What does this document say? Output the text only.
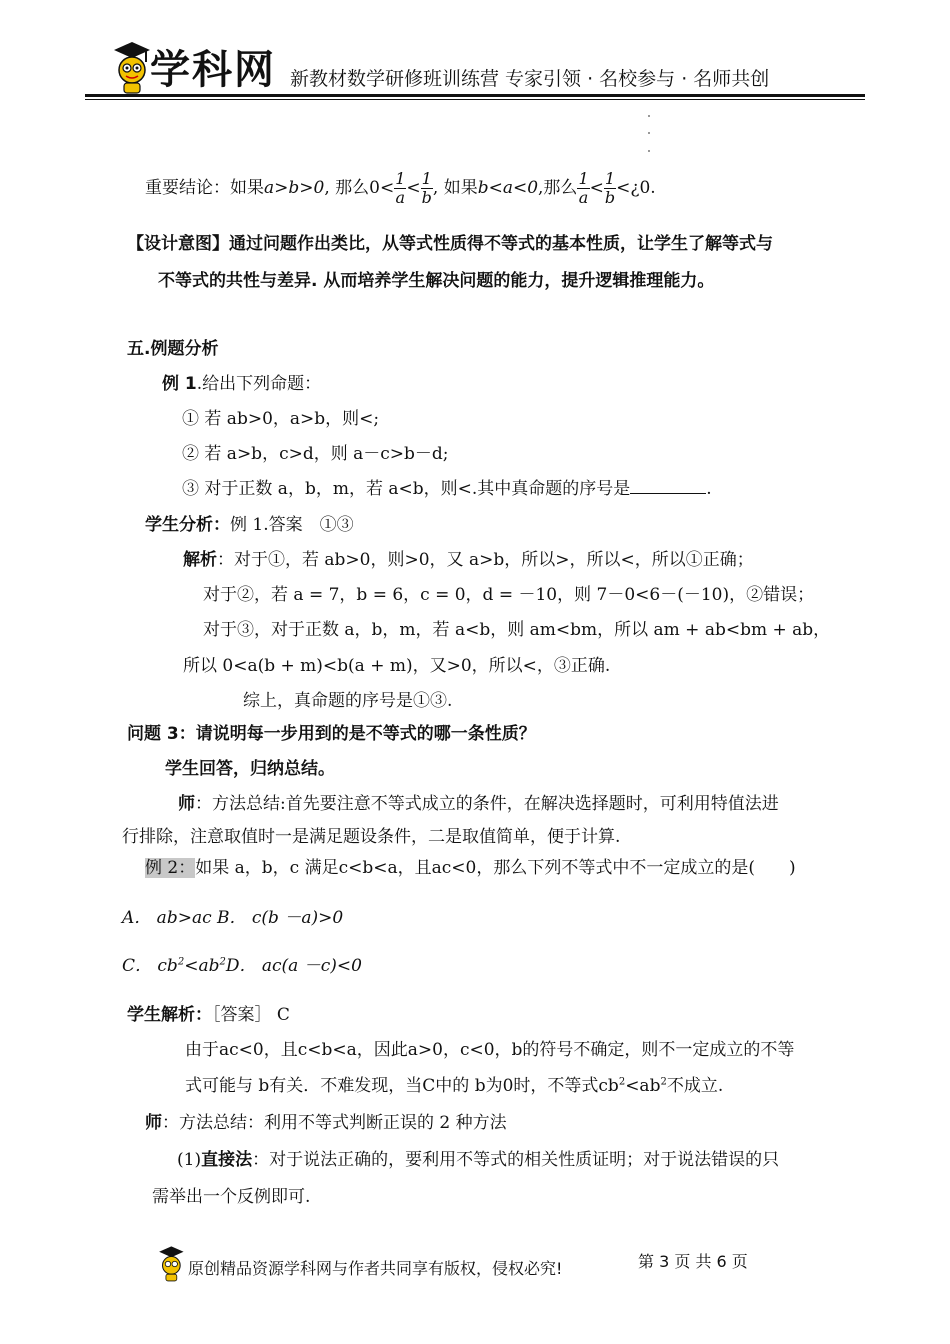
学科网 新教材数学研修班训练营 专家引领 · 名校参与 · 名师共创
重要结论：如果a>b>0, 那么$0< \frac{1}{a} < \frac{1}{b}$ , 如果b<a<0,那么 $\frac{1}{a} < \frac{1}{b}$ <¿0.
【设计意图】通过问题作出类比，从等式性质得不等式的基本性质，让学生了解等式与
不等式的共性与差异. 从而培养学生解决问题的能力，提升逻辑推理能力。
五.例题分析
例 1.给出下列命题：
① 若 ab>0，a>b，则<;
② 若 a>b，c>d，则 a－c>b－d;
③ 对于正数 a，b，m，若 a<b，则<.其中真命题的序号是	.
学生分析：例 1.答案　①③
解析：对于①，若 ab>0，则>0，又 a>b，所以>，所以<，所以①正确；
对于②，若 a = 7，b = 6，c = 0，d = －10，则 7－0<6－(－10)，②错误；
对于③，对于正数 a，b，m，若 a<b，则 am<bm，所以 am + ab<bm + ab，
所以 0<a(b + m)<b(a + m)，又>0，所以<，③正确.
综上，真命题的序号是①③.
问题 3：请说明每一步用到的是不等式的哪一条性质？
学生回答，归纳总结。
师：方法总结:首先要注意不等式成立的条件，在解决选择题时，可利用特值法进
行排除，注意取值时一是满足题设条件，二是取值简单，便于计算.
例 2：如果 a，b，c 满足c<b<a，且ac<0，那么下列不等式中不一定成立的是(　　)
A． ab>ac B． c(b －a)>0
C． $cb^2<ab^2D$． ac(a －c)<0
学生解析：［答案］ C
由于ac<0，且c<b<a，因此a>0，c<0，b的符号不确定，则不一定成立的不等
式可能与 b有关．不难发现，当C中的 b为0时，不等式$cb^2<ab^2$不成立.
师：方法总结：利用不等式判断正误的 2 种方法
(1)直接法：对于说法正确的，要利用不等式的相关性质证明；对于说法错误的只
需举出一个反例即可.
原创精品资源学科网与作者共同享有版权，侵权必究!	第 3 页 共 6 页
